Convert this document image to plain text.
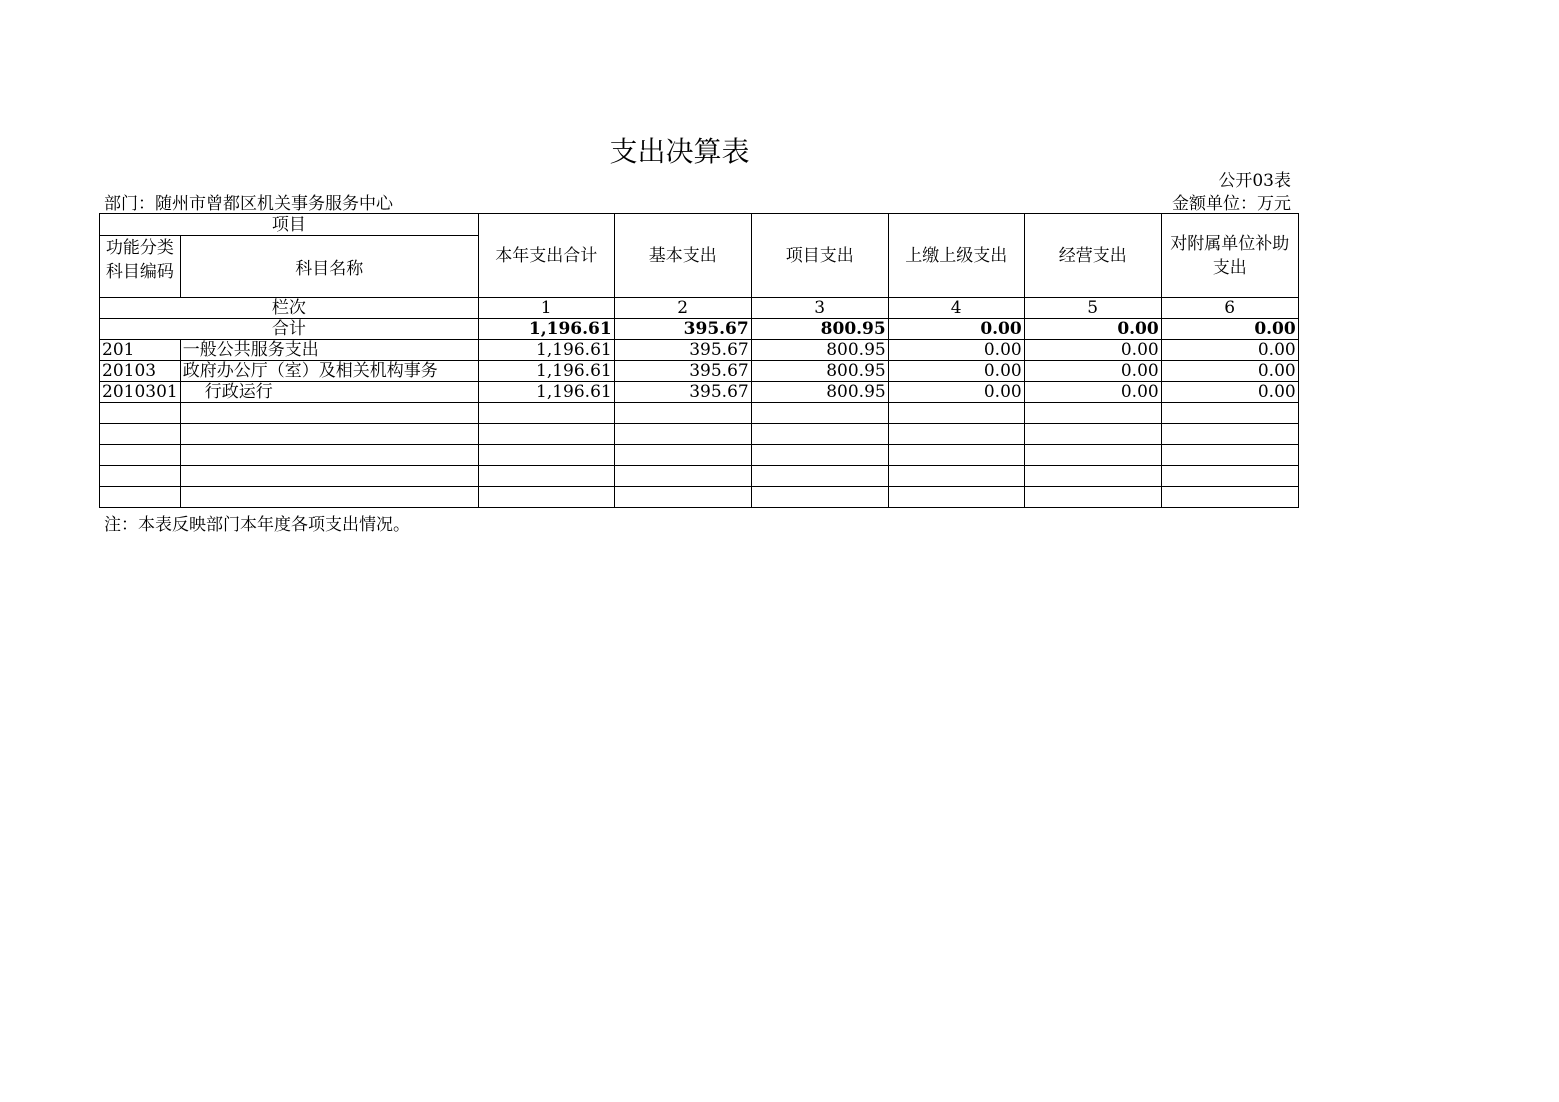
支出决算表
公开03表
部门：随州市曾都区机关事务服务中心	金额单位：万元
项目		本年支出合计	基本支出	项目支出	上缴上级支出	经营支出	对附属单位补助支出
功能分类科目编码	科目名称						
栏次		1	2	3	4	5	6
合计		1,196.61	395.67	800.95	0.00	0.00	0.00
201	一般公共服务支出	1,196.61	395.67	800.95	0.00	0.00	0.00
20103	政府办公厅（室）及相关机构事务	1,196.61	395.67	800.95	0.00	0.00	0.00
2010301	行政运行	1,196.61	395.67	800.95	0.00	0.00	0.00

注：本表反映部门本年度各项支出情况。
